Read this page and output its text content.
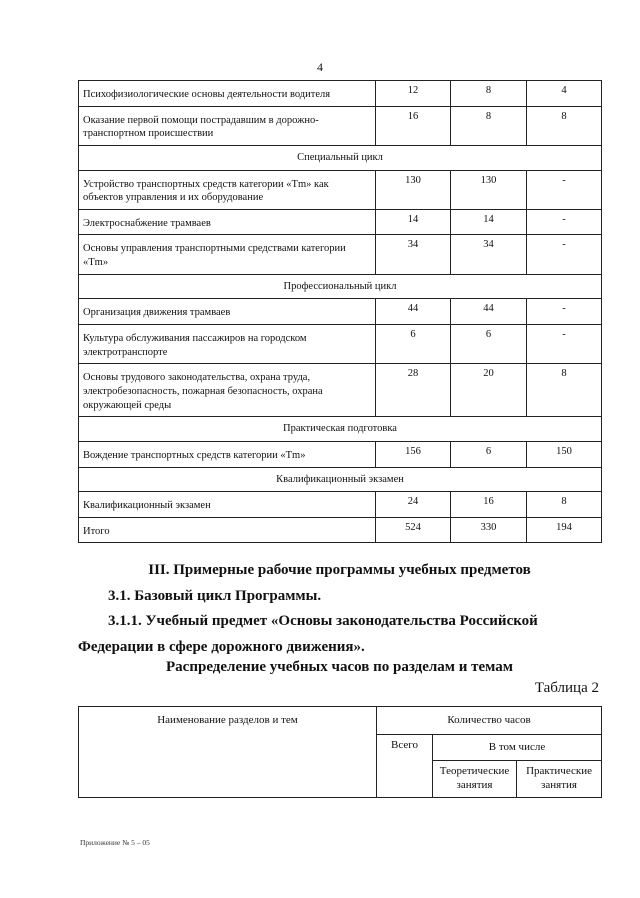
4
Психофизиологические основы деятельности водителя	12	8	4
Оказание первой помощи пострадавшим в дорожно-транспортном происшествии	16	8	8
Специальный цикл			
Устройство транспортных средств категории «Tm» как объектов управления и их оборудование	130	130	-
Электроснабжение трамваев	14	14	-
Основы управления транспортными средствами категории «Tm»	34	34	-
Профессиональный цикл			
Организация движения трамваев	44	44	-
Культура обслуживания пассажиров на городском электротранспорте	6	6	-
Основы трудового законодательства, охрана труда, электробезопасность, пожарная безопасность, охрана окружающей среды	28	20	8
Практическая подготовка			
Вождение транспортных средств категории «Tm»	156	6	150
Квалификационный экзамен			
Квалификационный экзамен	24	16	8
Итого	524	330	194
III. Примерные рабочие программы учебных предметов
3.1. Базовый цикл Программы.
3.1.1. Учебный предмет «Основы законодательства Российской Федерации в сфере дорожного движения».
Распределение учебных часов по разделам и темам
Таблица 2
Наименование разделов и тем	Количество часов		
	Всего	В том числе	
		Теоретические занятия	Практические занятия
Приложение № 5 – 05
